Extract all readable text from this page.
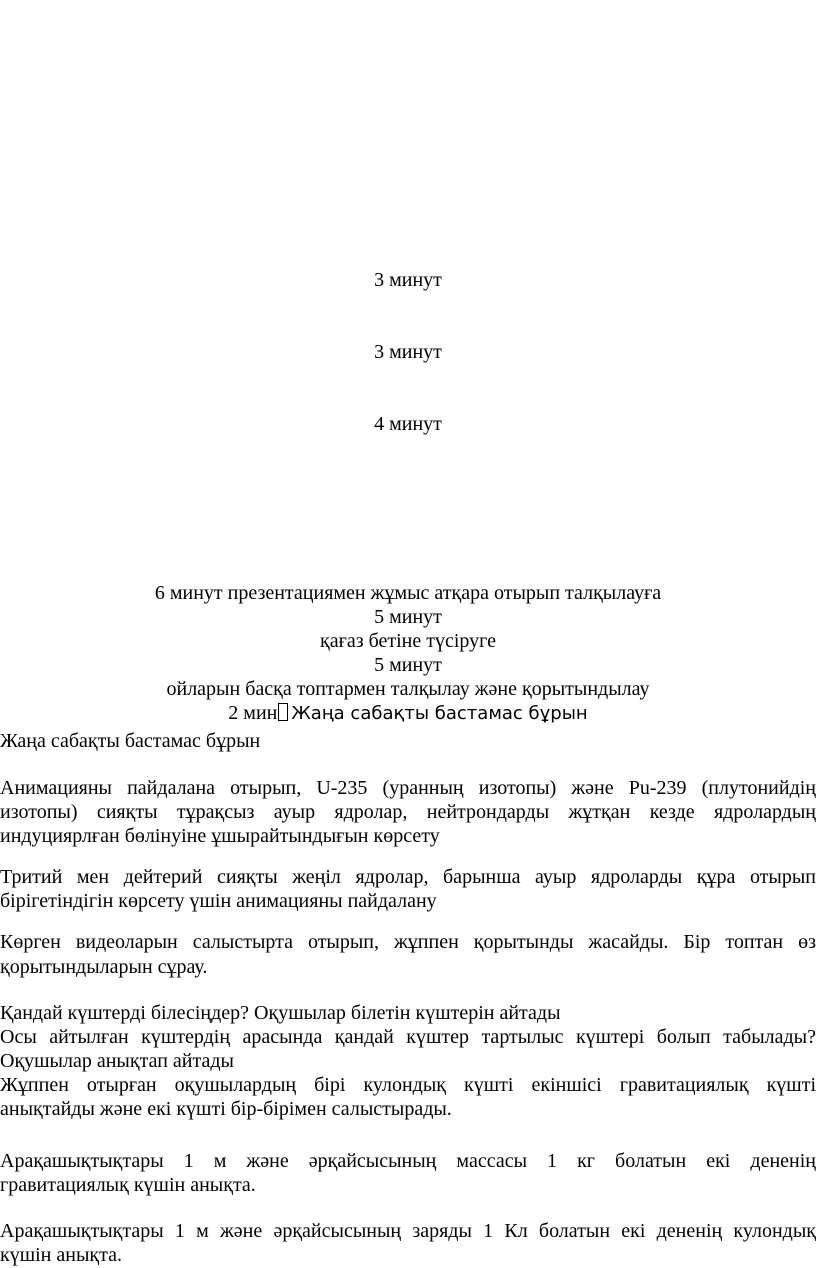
3 минут
3 минут
4 минут
6 минут презентациямен жұмыс атқара отырып талқылауға
5 минут
қағаз бетіне түсіруге
5 минут
ойларын басқа топтармен талқылау және қорытындылау
2 мин Жаңа сабақты бастамас бұрын
Жаңа сабақты бастамас бұрын
Анимацияны пайдалана отырып, U-235 (уранның изотопы) және Pu-239 (плутонийдің
изотопы) сияқты тұрақсыз ауыр ядролар, нейтрондарды жұтқан кезде ядролардың
индуциярлған бөлінуіне ұшырайтындығын көрсету
Тритий мен дейтерий сияқты жеңіл ядролар, барынша ауыр ядроларды құра отырып
бірігетіндігін көрсету үшін анимацияны пайдалану
Көрген видеоларын салыстырта отырып, жұппен қорытынды жасайды. Бір топтан өз
қорытындыларын сұрау.
Қандай күштерді білесіңдер? Оқушылар білетін күштерін айтады
Осы айтылған күштердің арасында қандай күштер тартылыс күштері болып табылады?
Оқушылар анықтап айтады
Жұппен отырған оқушылардың бірі кулондық күшті екіншісі гравитациялық күшті
анықтайды және екі күшті бір-бірімен салыстырады.
Арақашықтықтары 1 м және әрқайсысының массасы 1 кг болатын екі дененің
гравитациялық күшін анықта.
Арақашықтықтары 1 м және әрқайсысының заряды 1 Кл болатын екі дененің кулондық
күшін анықта.
